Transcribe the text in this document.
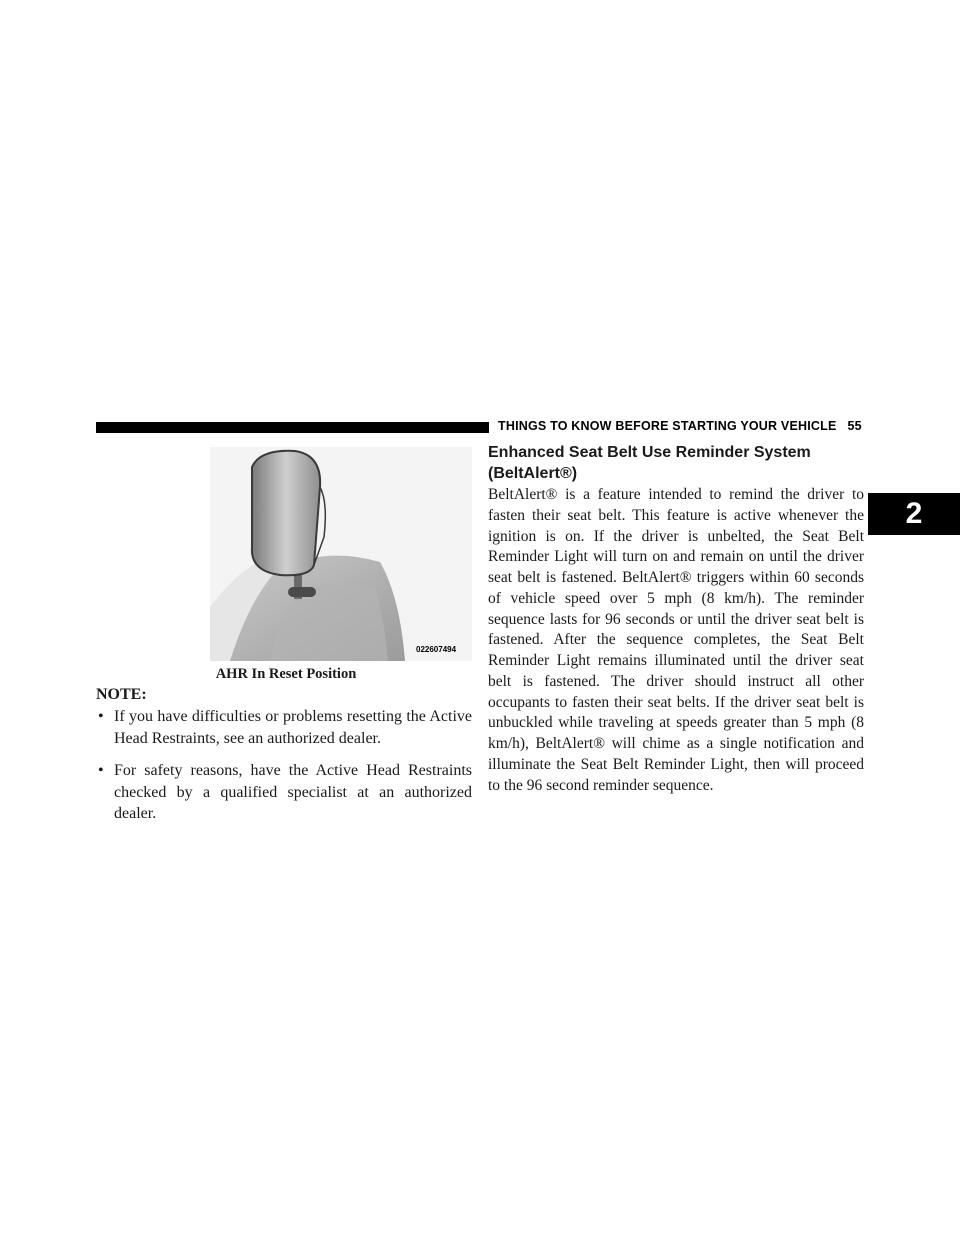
THINGS TO KNOW BEFORE STARTING YOUR VEHICLE 55
2
022607494
AHR In Reset Position
NOTE:
• If you have difficulties or problems resetting the Active Head Restraints, see an authorized dealer.
• For safety reasons, have the Active Head Restraints checked by a qualified specialist at an authorized dealer.
Enhanced Seat Belt Use Reminder System (BeltAlert®)

BeltAlert® is a feature intended to remind the driver to fasten their seat belt. This feature is active whenever the ignition is on. If the driver is unbelted, the Seat Belt Reminder Light will turn on and remain on until the driver seat belt is fastened. BeltAlert® triggers within 60 seconds of vehicle speed over 5 mph (8 km/h). The reminder sequence lasts for 96 seconds or until the driver seat belt is fastened. After the sequence completes, the Seat Belt Reminder Light remains illuminated until the driver seat belt is fastened. The driver should instruct all other occupants to fasten their seat belts. If the driver seat belt is unbuckled while traveling at speeds greater than 5 mph (8 km/h), BeltAlert® will chime as a single notification and illuminate the Seat Belt Reminder Light, then will proceed to the 96 second reminder sequence.
